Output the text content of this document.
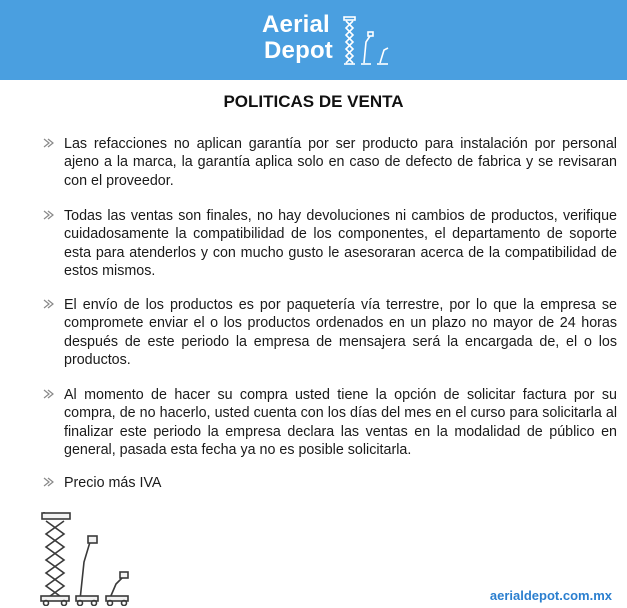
Aerial
Depot
POLITICAS DE VENTA
Las refacciones no aplican garantía por ser producto para instalación por personal ajeno a la marca, la garantía aplica solo en caso de defecto de fabrica y se revisaran con el proveedor.
Todas las ventas son finales, no hay devoluciones ni cambios de productos, verifique cuidadosamente la compatibilidad de los componentes, el departamento de soporte esta para atenderlos y con mucho gusto le asesoraran acerca de la compatibilidad de estos mismos.
El envío de los productos es por paquetería vía terrestre, por lo que la empresa se compromete enviar el o los productos ordenados en un plazo no mayor de 24 horas después de este periodo la empresa de mensajera será la encargada de, el o los productos.
Al momento de hacer su compra usted tiene la opción de solicitar factura por su compra, de no hacerlo, usted cuenta con los días del mes en el curso para solicitarla al finalizar este periodo la empresa declara las ventas en la modalidad de público en general, pasada esta fecha ya no es posible solicitarla.
Precio más IVA
aerialdepot.com.mx
